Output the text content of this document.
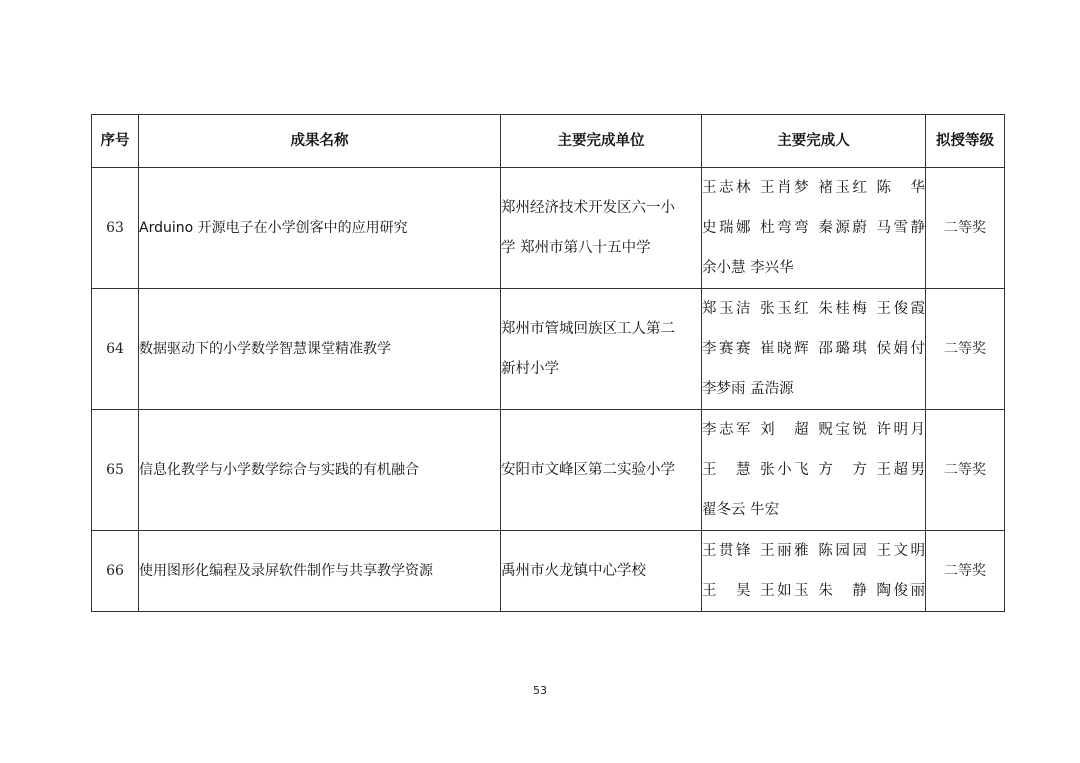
序号	成果名称	主要完成单位	主要完成人	拟授等级
63	Arduino 开源电子在小学创客中的应用研究	郑州经济技术开发区六一小
学 郑州市第八十五中学	王志林 王肖梦 褚玉红 陈　华
史瑞娜 杜弯弯 秦源蔚 马雪静
余小慧 李兴华	二等奖
64	数据驱动下的小学数学智慧课堂精准教学	郑州市管城回族区工人第二
新村小学	郑玉洁 张玉红 朱桂梅 王俊霞
李赛赛 崔晓辉 邵璐琪 侯娟付
李梦雨 孟浩源	二等奖
65	信息化教学与小学数学综合与实践的有机融合	安阳市文峰区第二实验小学	李志军 刘　超 贶宝锐 许明月
王　慧 张小飞 方　方 王超男
翟冬云 牛宏	二等奖
66	使用图形化编程及录屏软件制作与共享教学资源	禹州市火龙镇中心学校	王贯锋 王丽雅 陈园园 王文明
王　昊 王如玉 朱　静 陶俊丽	二等奖
53
